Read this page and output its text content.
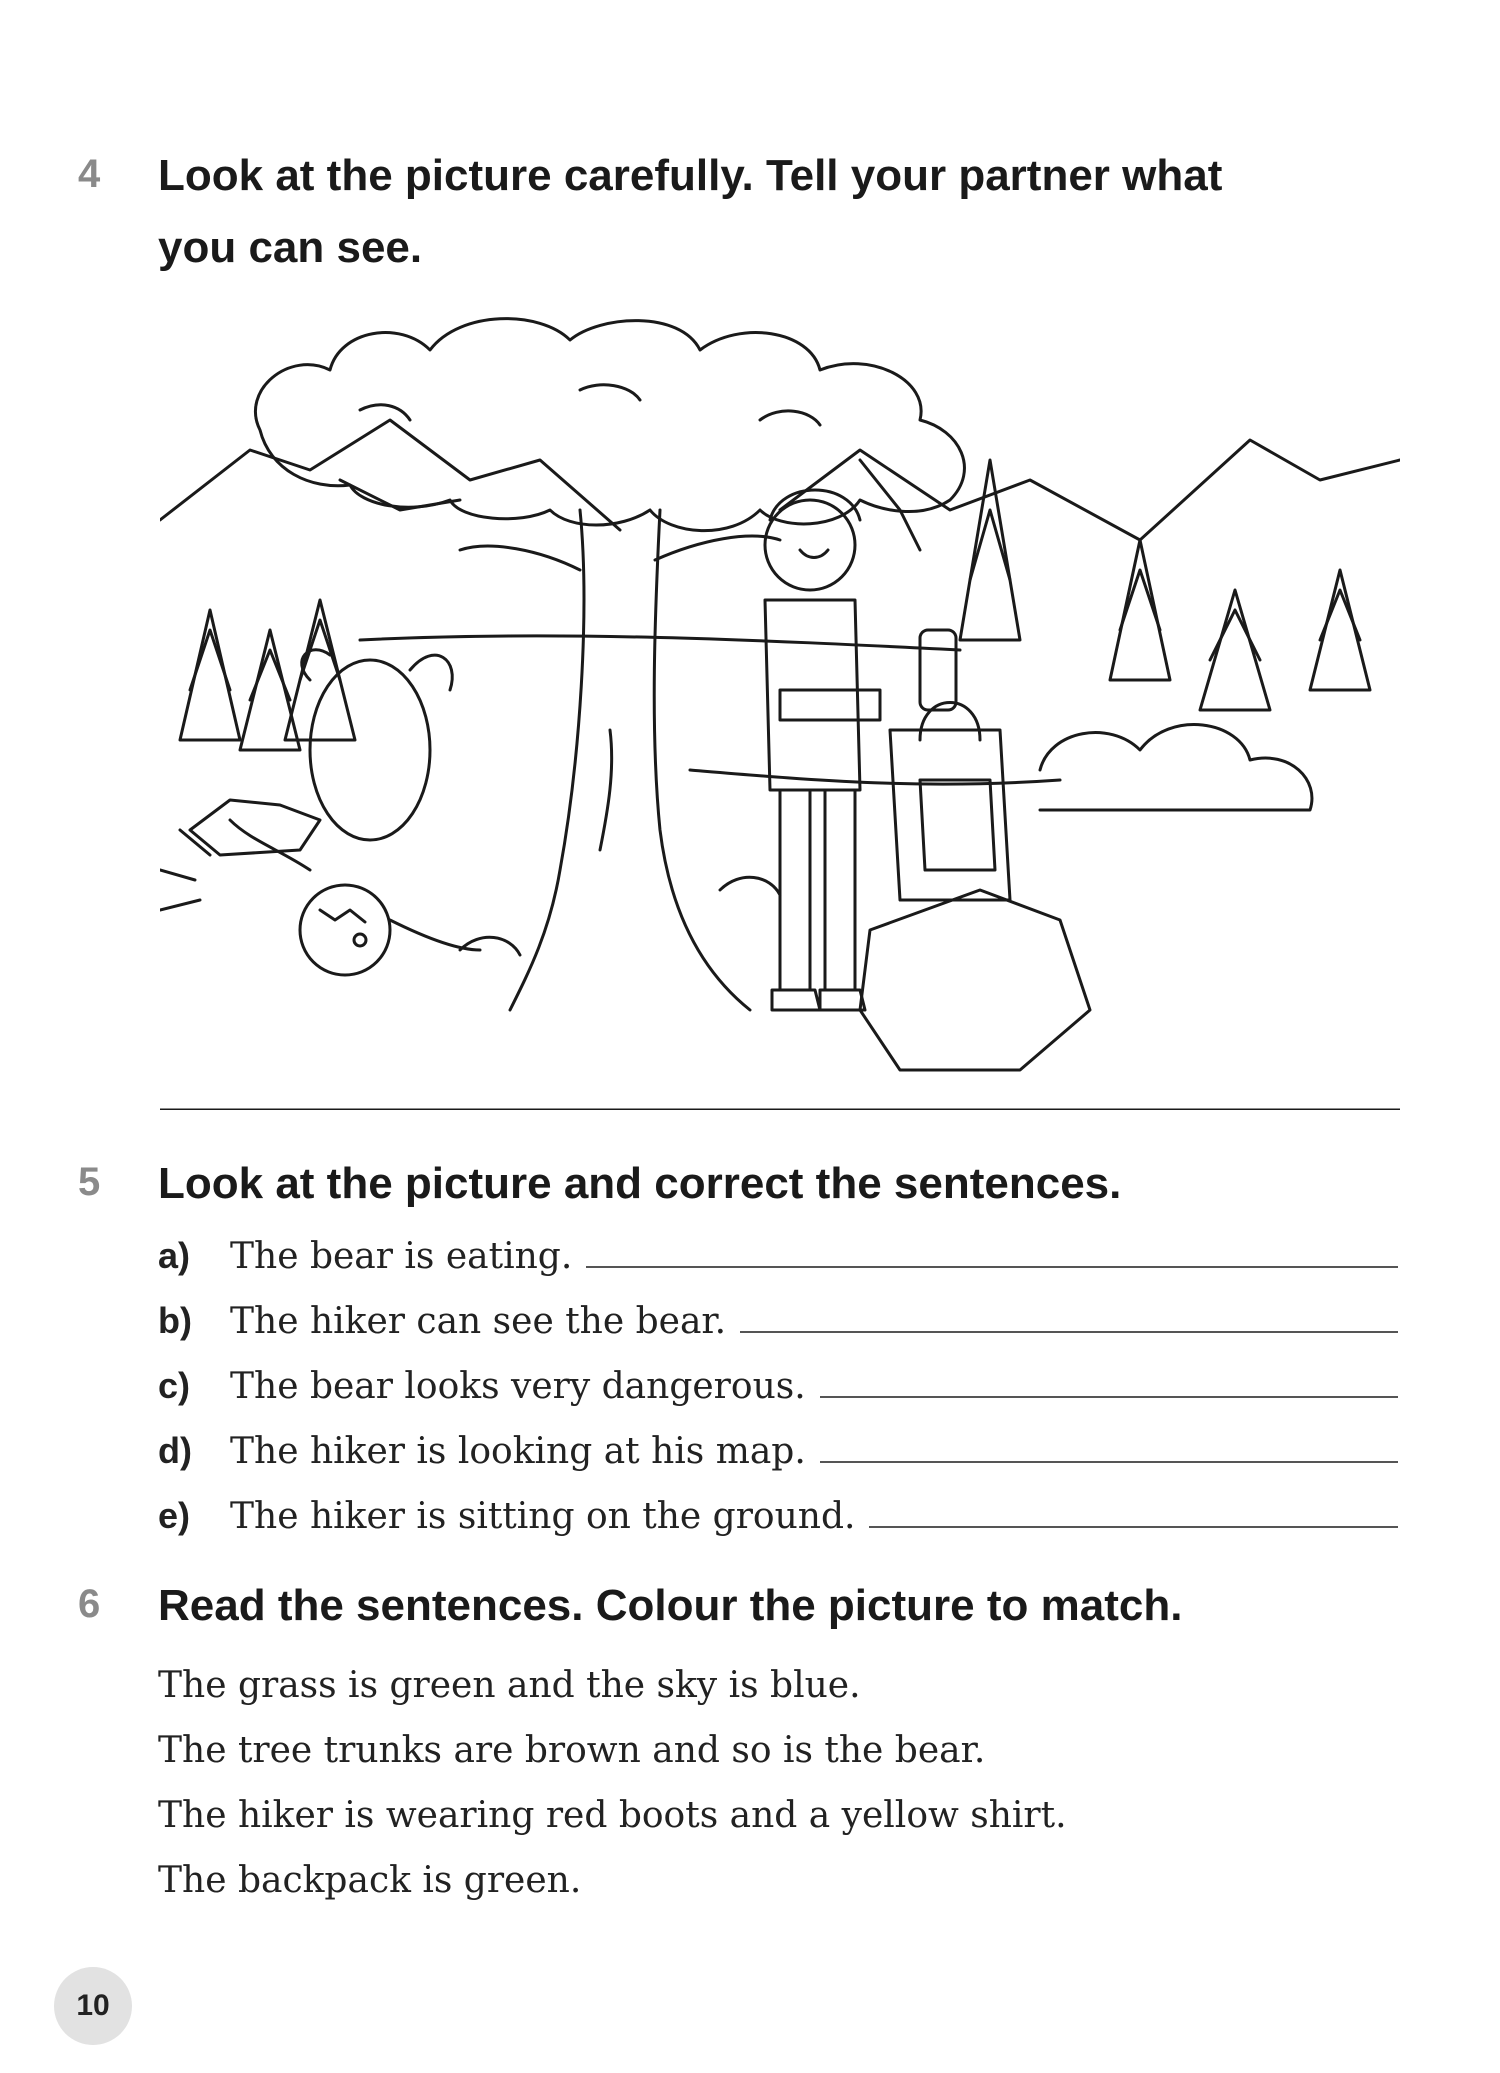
4 Look at the picture carefully. Tell your partner what
you can see.
5 Look at the picture and correct the sentences.
a)	The bear is eating.
b)	The hiker can see the bear.
c)	The bear looks very dangerous.
d)	The hiker is looking at his map.
e)	The hiker is sitting on the ground.
6 Read the sentences. Colour the picture to match.
The grass is green and the sky is blue.
The tree trunks are brown and so is the bear.
The hiker is wearing red boots and a yellow shirt.
The backpack is green.
10
